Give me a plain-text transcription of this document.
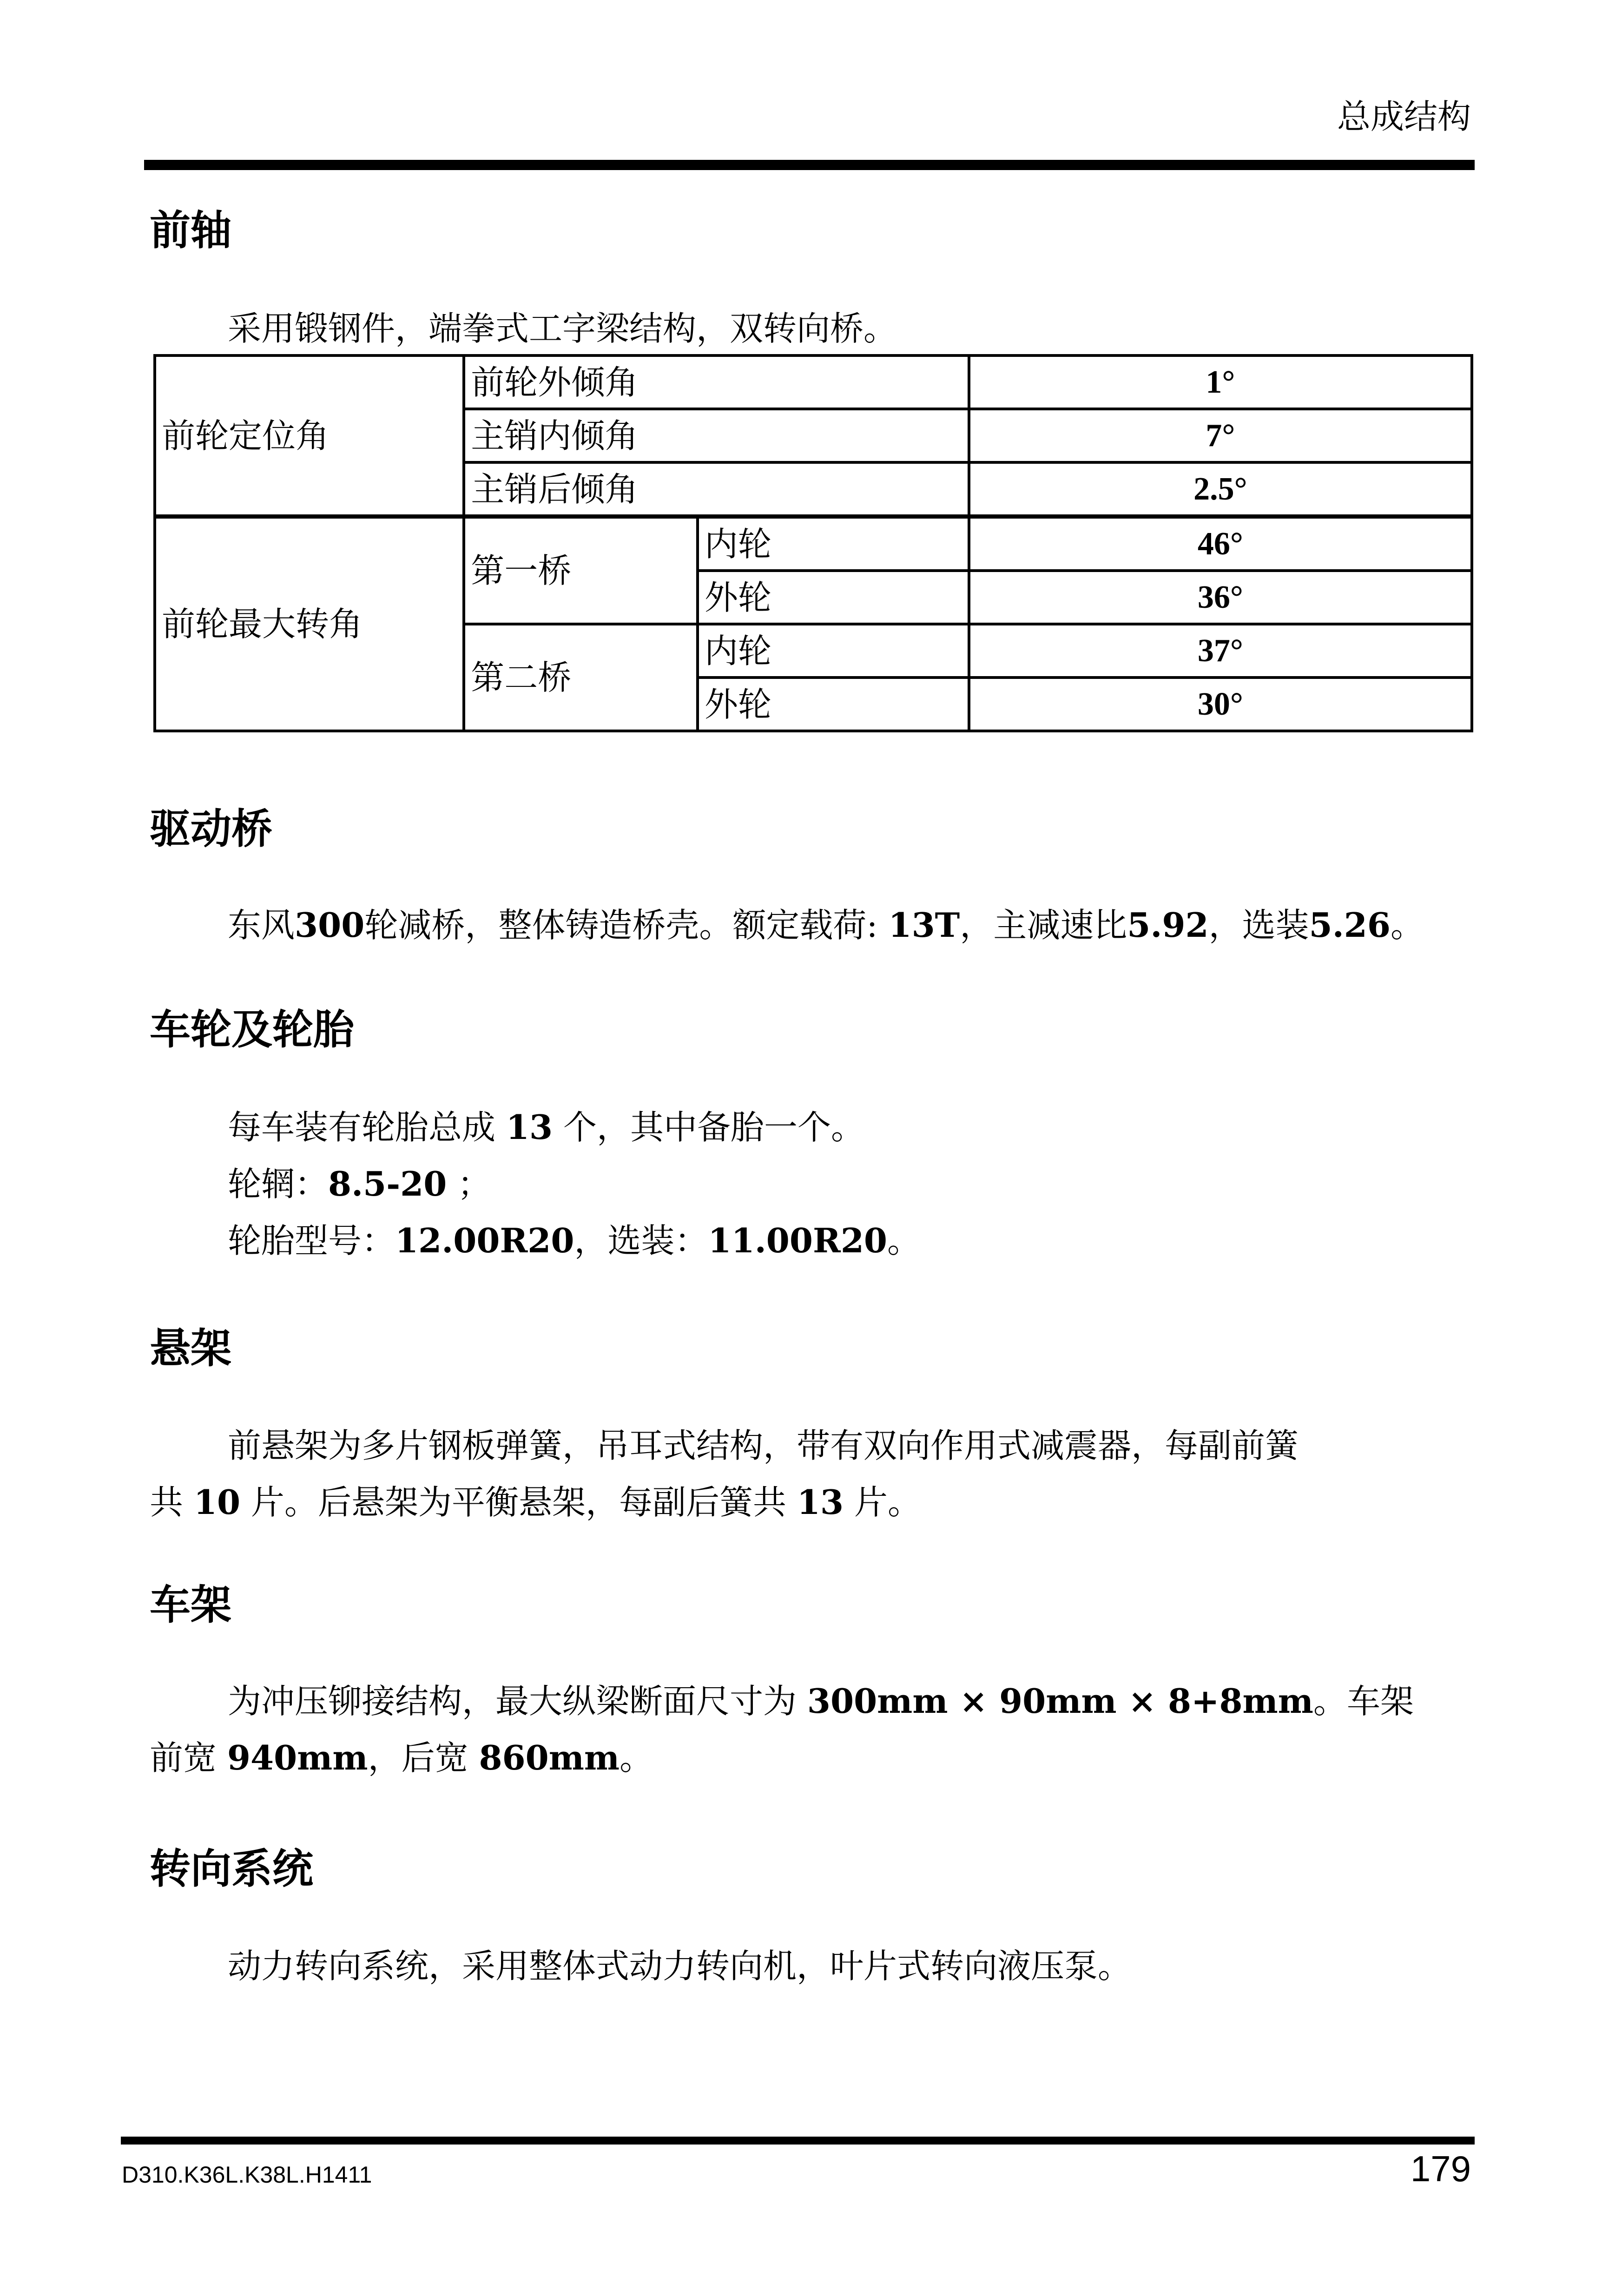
总成结构
前轴
采用锻钢件，端拳式工字梁结构，双转向桥。
前轮定位角	前轮外倾角		1°
	主销内倾角		7°
	主销后倾角		2.5°
前轮最大转角	第一桥	内轮	46°
		外轮	36°
	第二桥	内轮	37°
		外轮	30°
驱动桥
东风300轮减桥，整体铸造桥壳。额定载荷: 13T，主减速比5.92，选装5.26。
车轮及轮胎
每车装有轮胎总成 13 个，其中备胎一个。
轮辋：8.5-20 ；
轮胎型号：12.00R20，选装：11.00R20。
悬架
前悬架为多片钢板弹簧，吊耳式结构，带有双向作用式减震器，每副前簧
共 10 片。后悬架为平衡悬架，每副后簧共 13 片。
车架
为冲压铆接结构，最大纵梁断面尺寸为 300mm × 90mm × 8+8mm。车架
前宽 940mm，后宽 860mm。
转向系统
动力转向系统，采用整体式动力转向机，叶片式转向液压泵。
D310.K36L.K38L.H1411	179
